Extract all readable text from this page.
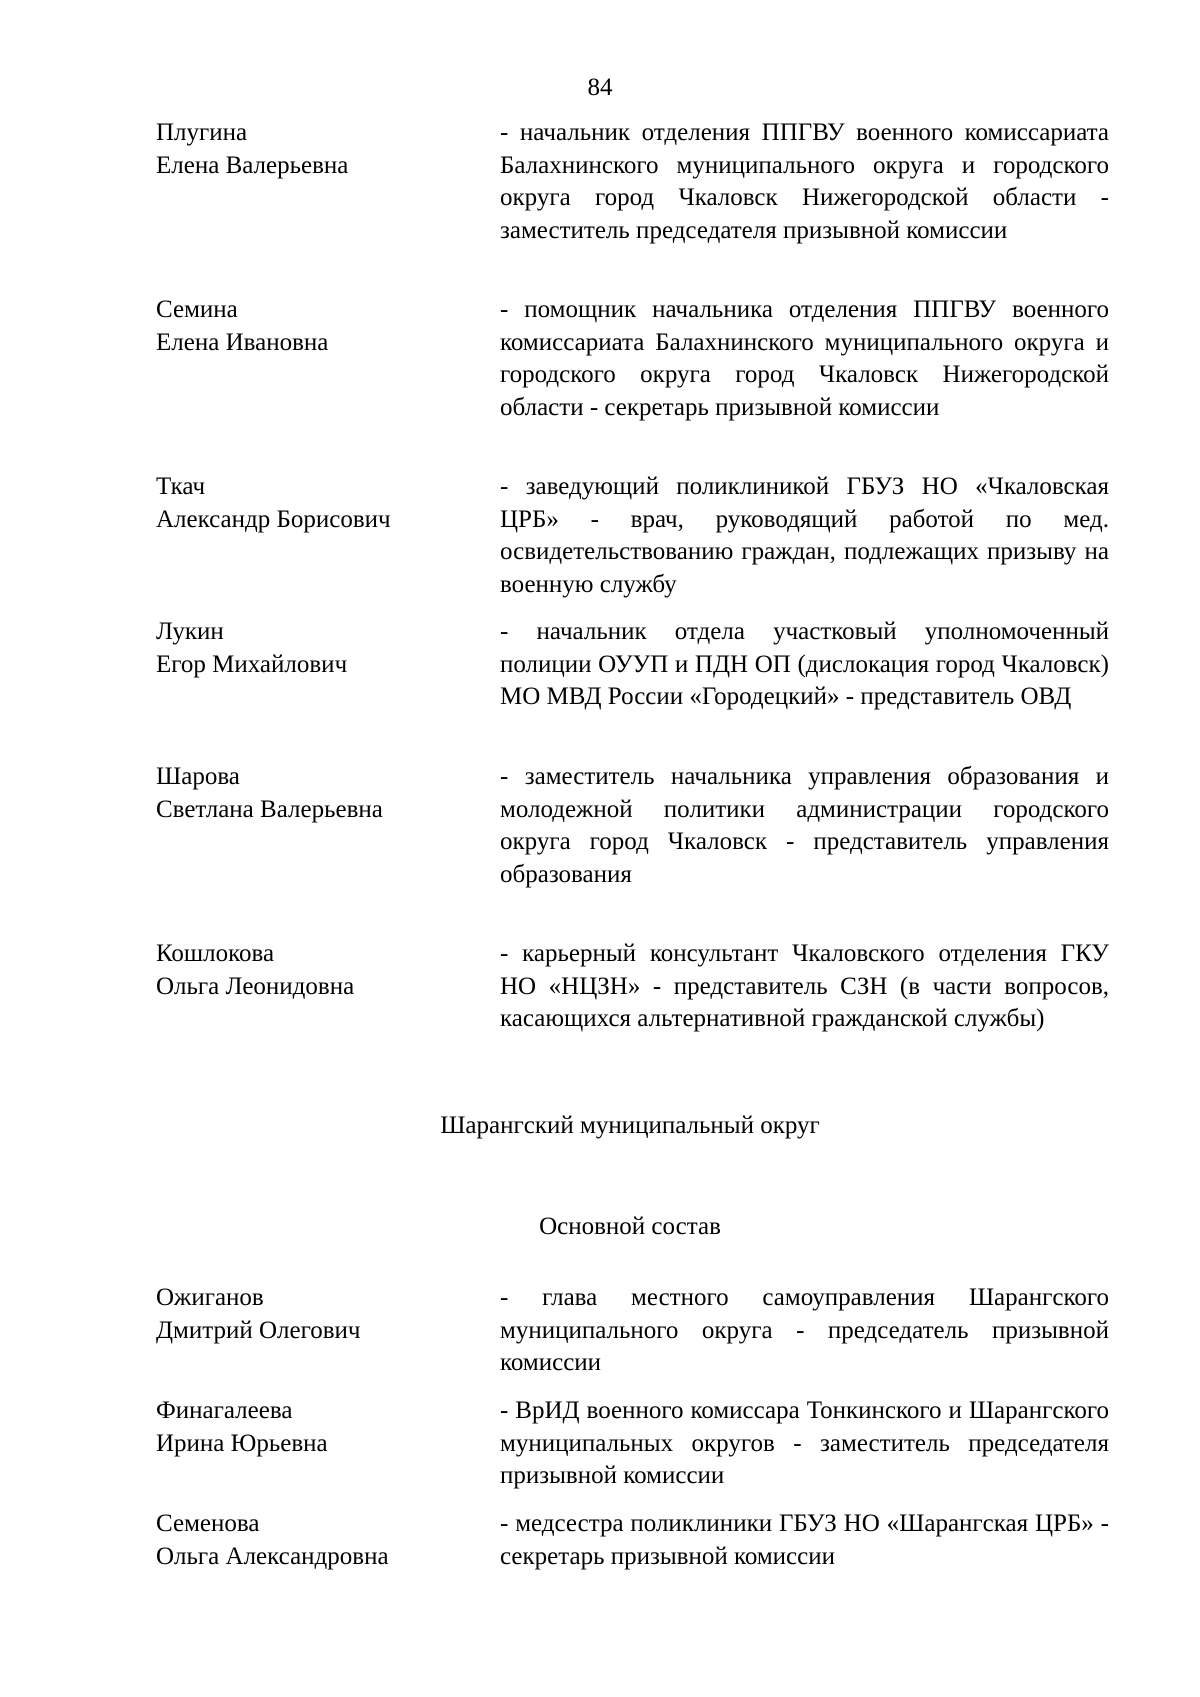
84
Плугина
Елена Валерьевна
- начальник отделения ППГВУ военного комиссариата Балахнинского муниципального округа и городского округа город Чкаловск Нижегородской области - заместитель председателя призывной комиссии
Семина
Елена Ивановна
- помощник начальника отделения ППГВУ военного комиссариата Балахнинского муниципального округа и городского округа город Чкаловск Нижегородской области - секретарь призывной комиссии
Ткач
Александр Борисович
- заведующий поликлиникой ГБУЗ НО «Чкаловская ЦРБ» - врач, руководящий работой по мед. освидетельствованию граждан, подлежащих призыву на военную службу
Лукин
Егор Михайлович
- начальник отдела участковый уполномоченный полиции ОУУП и ПДН ОП (дислокация город Чкаловск) МО МВД России «Городецкий» - представитель ОВД
Шарова
Светлана Валерьевна
- заместитель начальника управления образования и молодежной политики администрации городского округа город Чкаловск - представитель управления образования
Кошлокова
Ольга Леонидовна
- карьерный консультант Чкаловского отделения ГКУ НО «НЦЗН» - представитель СЗН (в части вопросов, касающихся альтернативной гражданской службы)
Шарангский муниципальный округ
Основной состав
Ожиганов
Дмитрий Олегович
- глава местного самоуправления Шарангского муниципального округа - председатель призывной комиссии
Финагалеева
Ирина Юрьевна
- ВрИД военного комиссара Тонкинского и Шарангского муниципальных округов - заместитель председателя призывной комиссии
Семенова
Ольга Александровна
- медсестра поликлиники ГБУЗ НО «Шарангская ЦРБ» - секретарь призывной комиссии
